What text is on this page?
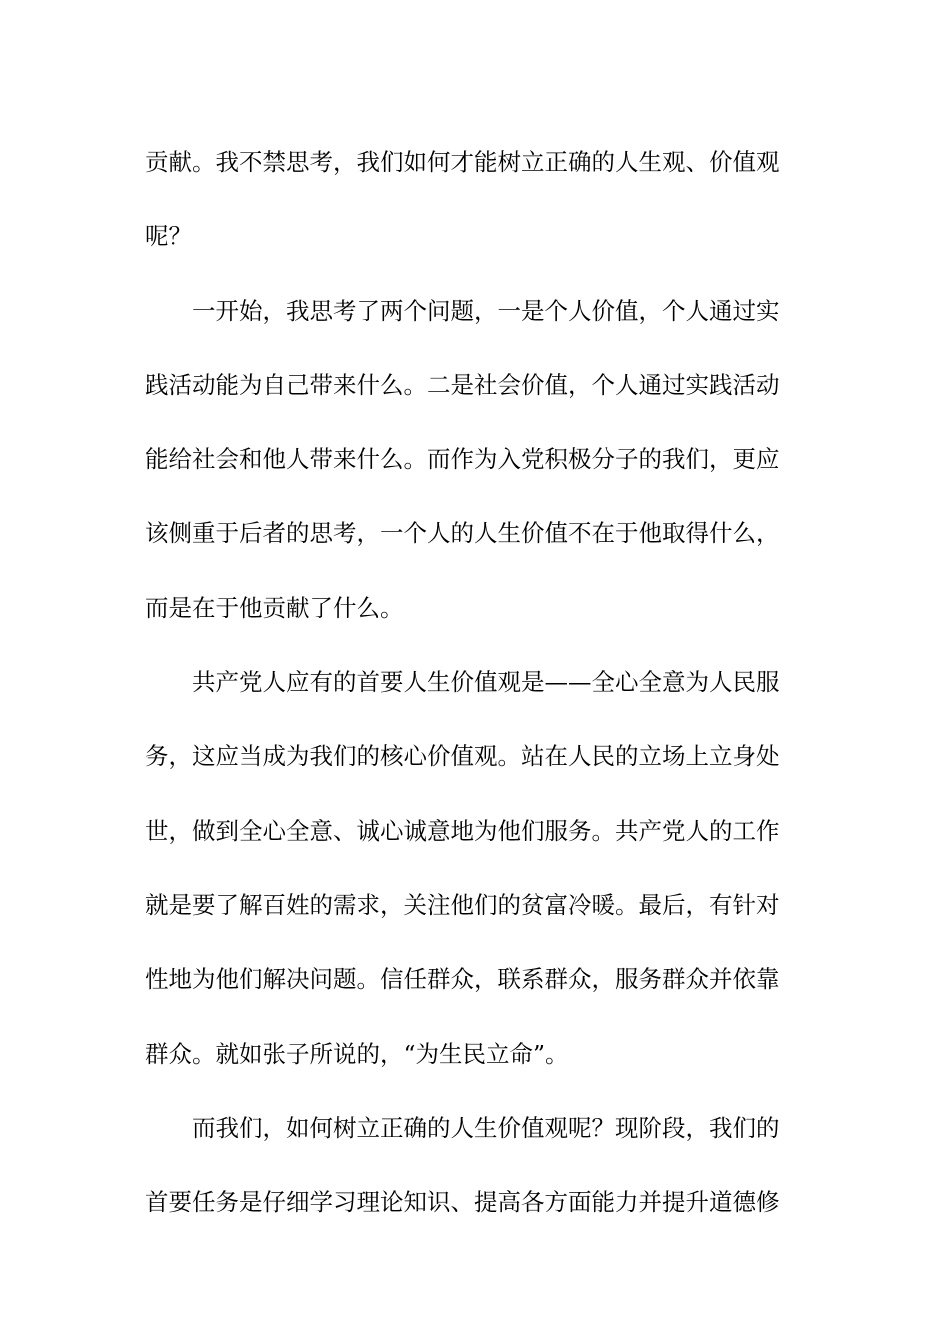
贡献。我不禁思考，我们如何才能树立正确的人生观、价值观
呢？
一开始，我思考了两个问题，一是个人价值，个人通过实
践活动能为自己带来什么。二是社会价值，个人通过实践活动
能给社会和他人带来什么。而作为入党积极分子的我们，更应
该侧重于后者的思考，一个人的人生价值不在于他取得什么，
而是在于他贡献了什么。
共产党人应有的首要人生价值观是——全心全意为人民服
务，这应当成为我们的核心价值观。站在人民的立场上立身处
世，做到全心全意、诚心诚意地为他们服务。共产党人的工作
就是要了解百姓的需求，关注他们的贫富冷暖。最后，有针对
性地为他们解决问题。信任群众，联系群众，服务群众并依靠
群众。就如张子所说的，“为生民立命”。
而我们，如何树立正确的人生价值观呢？现阶段，我们的
首要任务是仔细学习理论知识、提高各方面能力并提升道德修
